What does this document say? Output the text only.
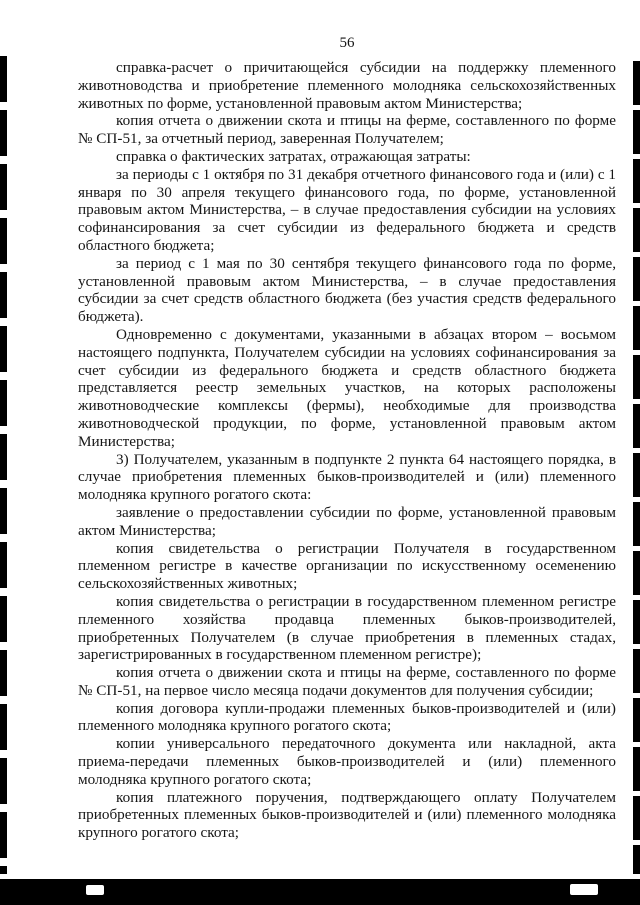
56

справка-расчет о причитающейся субсидии на поддержку племенного животноводства и приобретение племенного молодняка сельскохозяйственных животных по форме, установленной правовым актом Министерства;

копия отчета о движении скота и птицы на ферме, составленного по форме № СП-51, за отчетный период, заверенная Получателем;

справка о фактических затратах, отражающая затраты:

за периоды с 1 октября по 31 декабря отчетного финансового года и (или) с 1 января по 30 апреля текущего финансового года, по форме, установленной правовым актом Министерства, – в случае предоставления субсидии на условиях софинансирования за счет субсидии из федерального бюджета и средств областного бюджета;

за период с 1 мая по 30 сентября текущего финансового года по форме, установленной правовым актом Министерства, – в случае предоставления субсидии за счет средств областного бюджета (без участия средств федерального бюджета).

Одновременно с документами, указанными в абзацах втором – восьмом настоящего подпункта, Получателем субсидии на условиях софинансирования за счет субсидии из федерального бюджета и средств областного бюджета представляется реестр земельных участков, на которых расположены животноводческие комплексы (фермы), необходимые для производства животноводческой продукции, по форме, установленной правовым актом Министерства;

3) Получателем, указанным в подпункте 2 пункта 64 настоящего порядка, в случае приобретения племенных быков-производителей и (или) племенного молодняка крупного рогатого скота:

заявление о предоставлении субсидии по форме, установленной правовым актом Министерства;

копия свидетельства о регистрации Получателя в государственном племенном регистре в качестве организации по искусственному осеменению сельскохозяйственных животных;

копия свидетельства о регистрации в государственном племенном регистре племенного хозяйства продавца племенных быков-производителей, приобретенных Получателем (в случае приобретения в племенных стадах, зарегистрированных в государственном племенном регистре);

копия отчета о движении скота и птицы на ферме, составленного по форме № СП-51, на первое число месяца подачи документов для получения субсидии;

копия договора купли-продажи племенных быков-производителей и (или) племенного молодняка крупного рогатого скота;

копии универсального передаточного документа или накладной, акта приема-передачи племенных быков-производителей и (или) племенного молодняка крупного рогатого скота;

копия платежного поручения, подтверждающего оплату Получателем приобретенных племенных быков-производителей и (или) племенного молодняка крупного рогатого скота;
